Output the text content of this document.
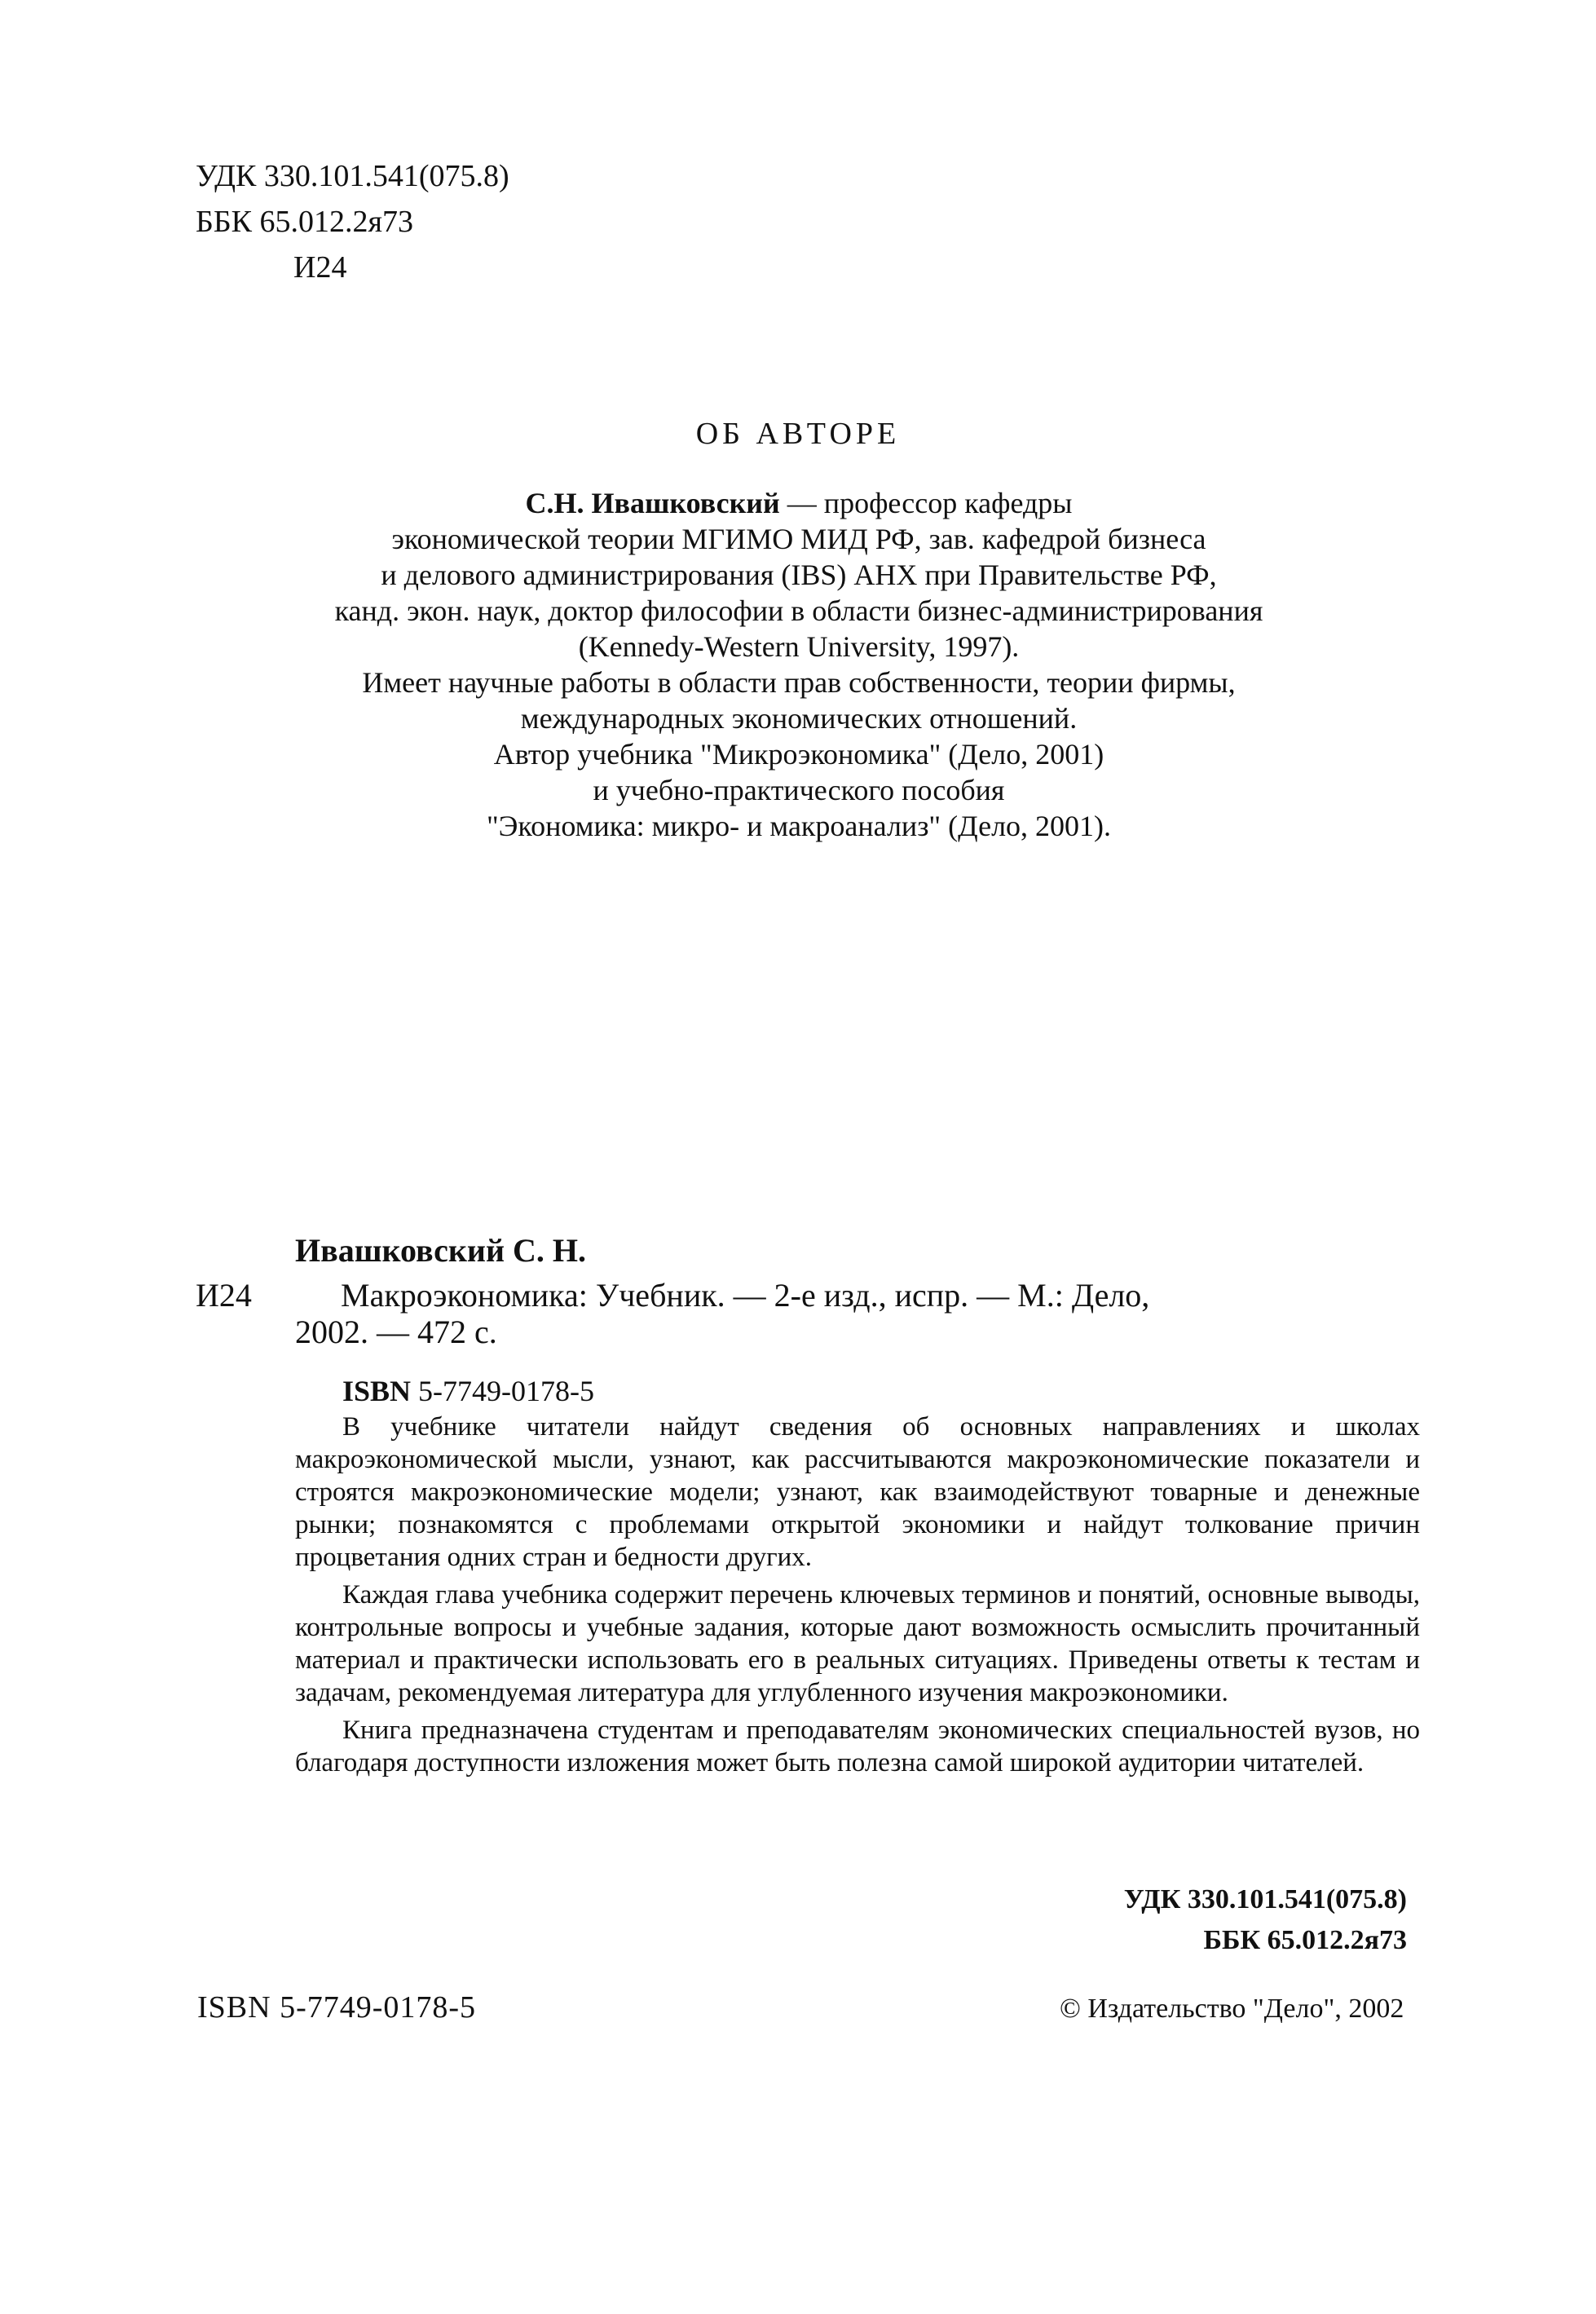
УДК 330.101.541(075.8)
ББК 65.012.2я73
И24
ОБ АВТОРЕ
С.Н. Ивашковский — профессор кафедры
экономической теории МГИМО МИД РФ, зав. кафедрой бизнеса
и делового администрирования (IBS) АНХ при Правительстве РФ,
канд. экон. наук, доктор философии в области бизнес-администрирования
(Kennedy-Western University, 1997).
Имеет научные работы в области прав собственности, теории фирмы,
международных экономических отношений.
Автор учебника "Микроэкономика" (Дело, 2001)
и учебно-практического пособия
"Экономика: микро- и макроанализ" (Дело, 2001).
Ивашковский С. Н.
И24	Макроэкономика: Учебник. — 2-е изд., испр. — М.: Дело,
2002. — 472 с.
ISBN 5-7749-0178-5

В учебнике читатели найдут сведения об основных направлениях и школах макроэкономической мысли, узнают, как рассчитываются макроэкономические показатели и строятся макроэкономические модели; узнают, как взаимодействуют товарные и денежные рынки; познакомятся с проблемами открытой экономики и найдут толкование причин процветания одних стран и бедности других.

Каждая глава учебника содержит перечень ключевых терминов и понятий, основные выводы, контрольные вопросы и учебные задания, которые дают возможность осмыслить прочитанный материал и практически использовать его в реальных ситуациях. Приведены ответы к тестам и задачам, рекомендуемая литература для углубленного изучения макроэкономики.

Книга предназначена студентам и преподавателям экономических специальностей вузов, но благодаря доступности изложения может быть полезна самой широкой аудитории читателей.

УДК 330.101.541(075.8)
ББК 65.012.2я73
ISBN 5-7749-0178-5	© Издательство "Дело", 2002
